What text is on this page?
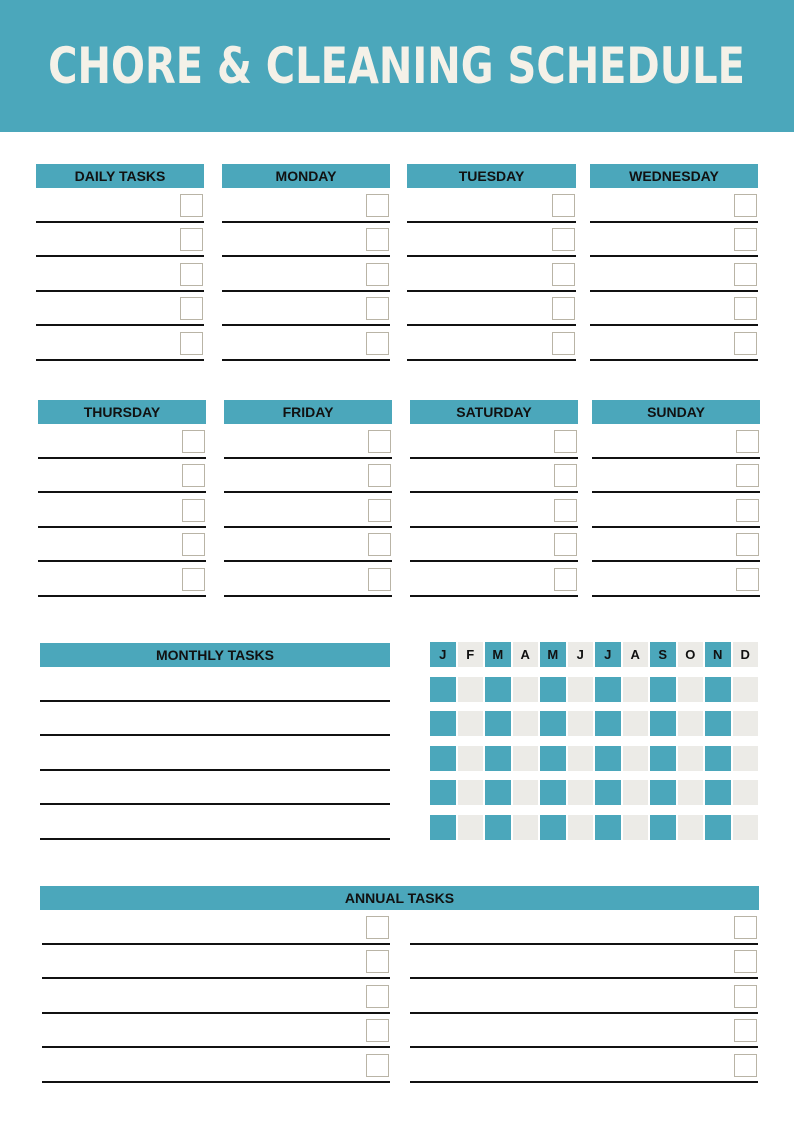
CHORE & CLEANING SCHEDULE
DAILY TASKS	MONDAY	TUESDAY	WEDNESDAY
THURSDAY	FRIDAY	SATURDAY	SUNDAY
MONTHLY TASKS	J	F	M	A	M	J	J	A	S	O	N	D
ANNUAL TASKS
